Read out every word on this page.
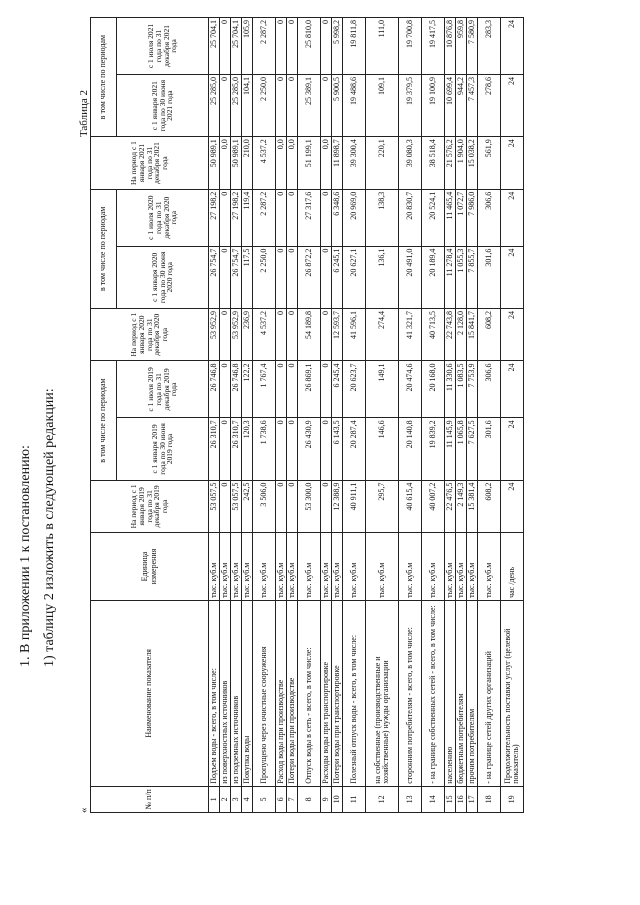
1. В приложении 1 к постановлению: 1) таблицу 2 изложить в следующей редакции:
«
Таблица 2
№ п/п	Наименование показателя	Единица измерения	На период с 1 января 2019 года по 31 декабря 2019 года	в том числе по периодам		На период с 1 января 2020 года по 31 декабря 2020 года	в том числе по периодам		На период с 1 января 2021 года по 31 декабря 2021 года	в том числе по периодам	
				с 1 января 2019 года по 30 июня 2019 года	с 1 июля 2019 года по 31 декабря 2019 года		с 1 января 2020 года по 30 июня 2020 года	с 1 июля 2020 года по 31 декабря 2020 года		с 1 января 2021 года по 30 июня 2021 года	с 1 июля 2021 года по 31 декабря 2021 года
1	Подъем воды - всего, в том числе:	тыс. куб.м	53 057,5	26 310,7	26 746,8	53 952,9	26 754,7	27 198,2	50 989,1	25 285,0	25 704,1
2	из поверхностных источников	тыс. куб.м	0	0	0	0	0	0	0,0	0	0
3	из подземных источников	тыс. куб.м	53 057,5	26 310,7	26 746,8	53 952,9	26 754,7	27 198,2	50 989,1	25 285,0	25 704,1
4	Покупка воды	тыс. куб.м	242,5	120,3	122,2	236,9	117,5	119,4	210,0	104,1	105,9
5	Пропущено через очистные сооружения	тыс. куб.м	3 506,0	1 738,6	1 767,4	4 537,2	2 250,0	2 287,2	4 537,2	2 250,0	2 287,2
6	Расход воды при производстве	тыс. куб.м	0	0	0	0	0	0	0,0	0	0
7	Потери воды при производстве	тыс. куб.м	0	0	0	0	0	0	0,0	0	0
8	Отпуск воды в сеть - всего, в том числе:	тыс. куб.м	53 300,0	26 430,9	26 869,1	54 189,8	26 872,2	27 317,6	51 199,1	25 389,1	25 810,0
9	Расходы воды при транспортировке	тыс. куб.м	0	0	0	0	0	0	0,0	0	0
10	Потери воды при транспортировке	тыс. куб.м	12 388,9	6 143,5	6 245,4	12 593,7	6 245,1	6 348,6	11 898,7	5 900,5	5 998,2
11	Полезный отпуск воды - всего, в том числе:	тыс. куб.м	40 911,1	20 287,4	20 623,7	41 596,1	20 627,1	20 969,0	39 300,4	19 488,6	19 811,8
12	на собственные (производственные и хозяйственные) нужды организации	тыс. куб.м	295,7	146,6	149,1	274,4	136,1	138,3	220,1	109,1	111,0
13	сторонним потребителям - всего, в том числе:	тыс. куб.м	40 615,4	20 140,8	20 474,6	41 321,7	20 491,0	20 830,7	39 080,3	19 379,5	19 700,8
14	- на границе собственных сетей - всего, в том числе:	тыс. куб.м	40 007,2	19 839,2	20 168,0	40 713,5	20 189,4	20 524,1	38 518,4	19 100,9	19 417,5
15	населению	тыс. куб.м	22 476,5	11 145,9	11 330,6	22 743,8	11 278,4	11 465,4	21 576,2	10 699,4	10 876,8
16	бюджетным потребителям	тыс. куб.м	2 149,3	1 065,8	1 083,5	2 128,0	1 055,3	1 072,7	1 904,0	944,2	959,8
17	прочим потребителям	тыс. куб.м	15 381,4	7 627,5	7 753,9	15 841,7	7 855,7	7 986,0	15 038,2	7 457,3	7 580,9
18	- на границе сетей других организаций	тыс. куб.м	608,2	301,6	306,6	608,2	301,6	306,6	561,9	278,6	283,3
19	Продолжительность поставки услуг (целевой показатель)	час /день	24	24	24	24	24	24	24	24	24
